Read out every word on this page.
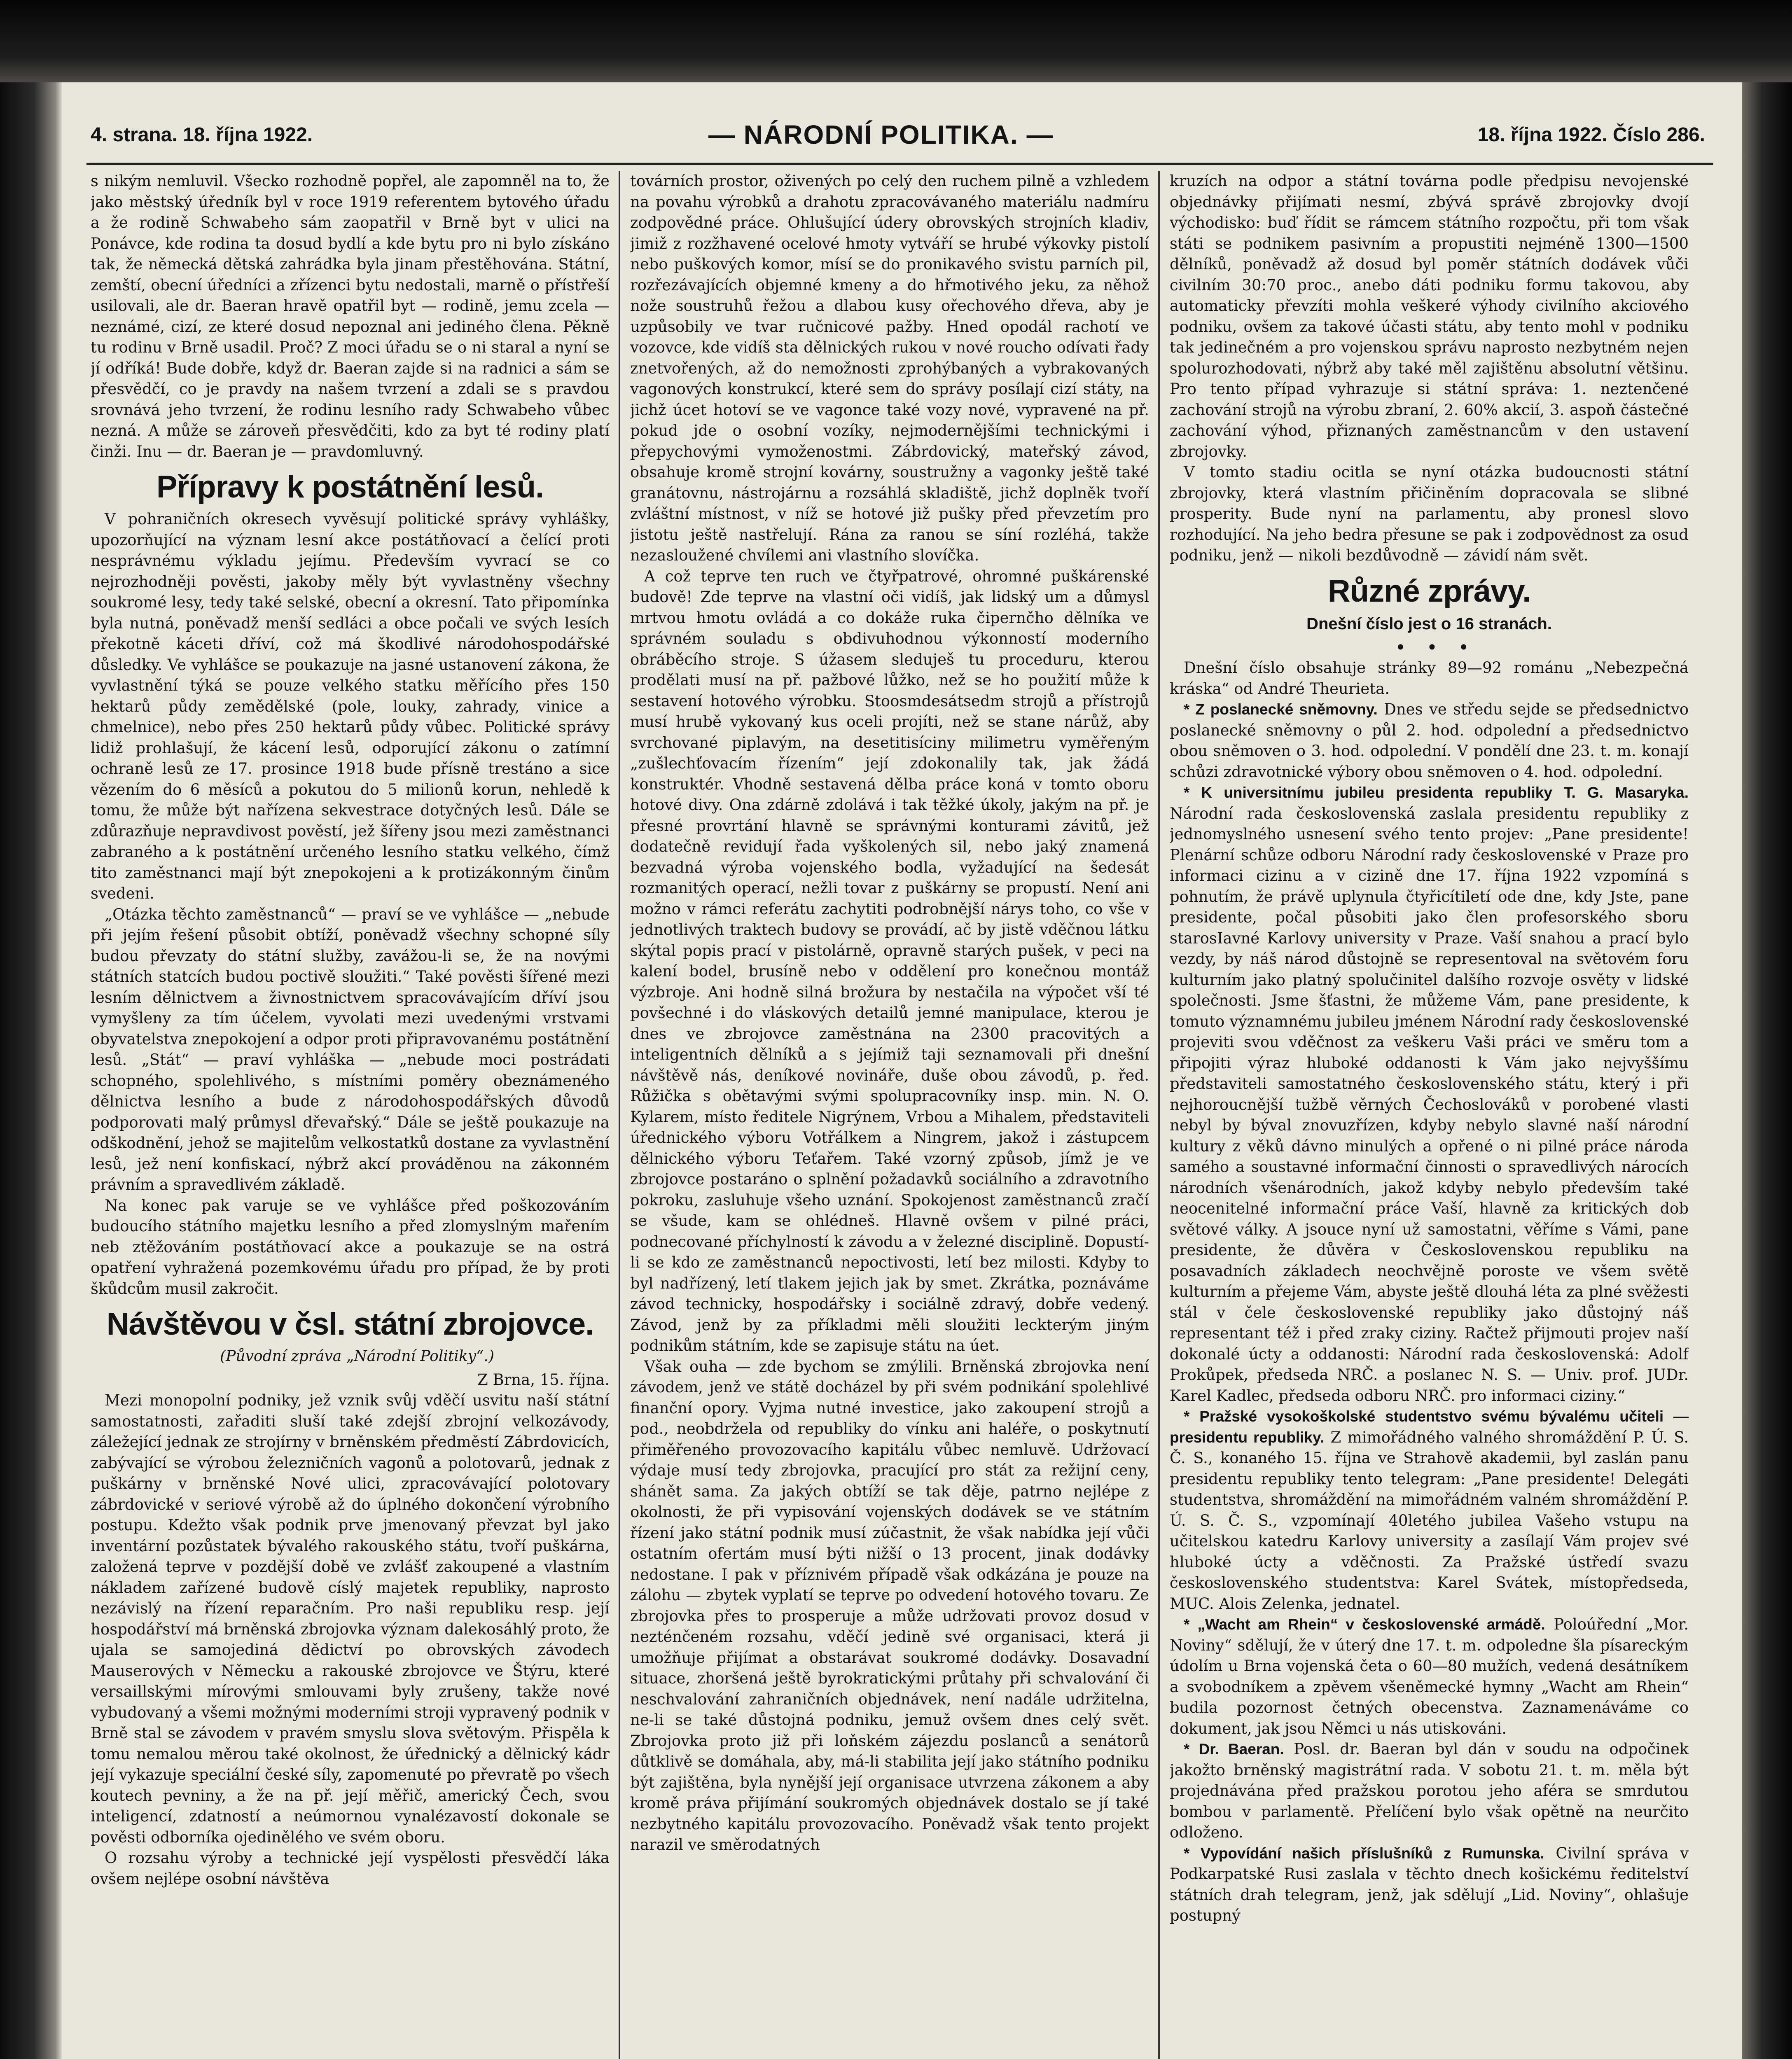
4. strana. 18. října 1922.	— NÁRODNÍ POLITIKA. —	18. října 1922. Číslo 286.

s nikým nemluvil. Všecko rozhodně popřel, ale zapomněl na to, že jako městský úředník byl v roce 1919 referentem bytového úřadu a že rodině Schwabeho sám zaopatřil v Brně byt v ulici na Ponávce, kde rodina ta dosud bydlí a kde bytu pro ni bylo získáno tak, že německá dětská zahrádka byla jinam přestěhována. Státní, zemští, obecní úředníci a zřízenci bytu nedostali, marně o přístřeší usilovali, ale dr. Baeran hravě opatřil byt — rodině, jemu zcela — neznámé, cizí, ze které dosud nepoznal ani jediného člena. Pěkně tu rodinu v Brně usadil. Proč? Z moci úřadu se o ni staral a nyní se jí odříká! Bude dobře, když dr. Baeran zajde si na radnici a sám se přesvědčí, co je pravdy na našem tvrzení a zdali se s pravdou srovnává jeho tvrzení, že rodinu lesního rady Schwabeho vůbec nezná. A může se zároveň přesvědčiti, kdo za byt té rodiny platí činži. Inu — dr. Baeran je — pravdomluvný.

Přípravy k postátnění lesů.

V pohraničních okresech vyvěsují politické správy vyhlášky, upozorňující na význam lesní akce postátňovací a čelící proti nesprávnému výkladu jejímu. Především vyvrací se co nejrozhodněji pověsti, jakoby měly být vyvlastněny všechny soukromé lesy, tedy také selské, obecní a okresní. Tato připomínka byla nutná, poněvadž menší sedláci a obce počali ve svých lesích překotně káceti dříví, což má škodlivé národohospodářské důsledky. Ve vyhlášce se poukazuje na jasné ustanovení zákona, že vyvlastnění týká se pouze velkého statku měřícího přes 150 hektarů půdy zemědělské (pole, louky, zahrady, vinice a chmelnice), nebo přes 250 hektarů půdy vůbec. Politické správy lidiž prohlašují, že kácení lesů, odporující zákonu o zatímní ochraně lesů ze 17. prosince 1918 bude přísně trestáno a sice vězením do 6 měsíců a pokutou do 5 milionů korun, nehledě k tomu, že může být nařízena sekvestrace dotyčných lesů. Dále se zdůrazňuje nepravdivost pověstí, jež šířeny jsou mezi zaměstnanci zabraného a k postátnění určeného lesního statku velkého, čímž tito zaměstnanci mají být znepokojeni a k protizákonným činům svedeni.

„Otázka těchto zaměstnanců“ — praví se ve vyhlášce — „nebude při jejím řešení působit obtíží, poněvadž všechny schopné síly budou převzaty do státní služby, zavážou-li se, že na novými státních statcích budou poctivě sloužiti.“ Také pověsti šířené mezi lesním dělnictvem a živnostnictvem spracovávajícím dříví jsou vymyšleny za tím účelem, vyvolati mezi uvedenými vrstvami obyvatelstva znepokojení a odpor proti připravovanému postátnění lesů. „Stát“ — praví vyhláška — „nebude moci postrádati schopného, spolehlivého, s místními poměry obeznámeného dělnictva lesního a bude z národohospodářských důvodů podporovati malý průmysl dřevařský.“ Dále se ještě poukazuje na odškodnění, jehož se majitelům velkostatků dostane za vyvlastnění lesů, jež není konfiskací, nýbrž akcí prováděnou na zákonném právním a spravedlivém základě.

Na konec pak varuje se ve vyhlášce před poškozováním budoucího státního majetku lesního a před zlomyslným mařením neb ztěžováním postátňovací akce a poukazuje se na ostrá opatření vyhražená pozemkovému úřadu pro případ, že by proti škůdcům musil zakročit.

Návštěvou v čsl. státní zbrojovce.

(Původní zpráva „Národní Politiky“.)

Z Brna, 15. října.

Mezi monopolní podniky, jež vznik svůj vděčí usvitu naší státní samostatnosti, zařaditi sluší také zdejší zbrojní velkozávody, záležející jednak ze strojírny v brněnském předměstí Zábrdovicích, zabývající se výrobou železničních vagonů a polotovarů, jednak z puškárny v brněnské Nové ulici, zpracovávající polotovary zábrdovické v seriové výrobě až do úplného dokončení výrobního postupu. Kdežto však podnik prve jmenovaný převzat byl jako inventární pozůstatek bývalého rakouského státu, tvoří puškárna, založená teprve v pozdější době ve zvlášť zakoupené a vlastním nákladem zařízené budově císlý majetek republiky, naprosto nezávislý na řízení reparačním. Pro naši republiku resp. její hospodářství má brněnská zbrojovka význam dalekosáhlý proto, že ujala se samojediná dědictví po obrovských závodech Mauserových v Německu a rakouské zbrojovce ve Štýru, které versaillskými mírovými smlouvami byly zrušeny, takže nové vybudovaný a všemi možnými moderními stroji vypravený podnik v Brně stal se závodem v pravém smyslu slova světovým. Přispěla k tomu nemalou měrou také okolnost, že úřednický a dělnický kádr její vykazuje speciální české síly, zapomenuté po převratě po všech koutech pevniny, a že na př. její měřič, americký Čech, svou inteligencí, zdatností a neúmornou vynalézavostí dokonale se pověsti odborníka ojedinělého ve svém oboru.

O rozsahu výroby a technické její vyspělosti přesvědčí láka ovšem nejlépe osobní návštěva

továrních prostor, oživených po celý den ruchem pilně a vzhledem na povahu výrobků a drahotu zpracovávaného materiálu nadmíru zodpovědné práce. Ohlušující údery obrovských strojních kladiv, jimiž z rozžhavené ocelové hmoty vytváří se hrubé výkovky pistolí nebo puškových komor, mísí se do pronikavého svistu parních pil, rozřezávajících objemné kmeny a do hřmotivého jeku, za něhož nože soustruhů řežou a dlabou kusy ořechového dřeva, aby je uzpůsobily ve tvar ručnicové pažby. Hned opodál rachotí ve vozovce, kde vidíš sta dělnických rukou v nové roucho odívati řady znetvořených, až do nemožnosti zprohýbaných a vybrakovaných vagonových konstrukcí, které sem do správy posílají cizí státy, na jichž úcet hotoví se ve vagonce také vozy nové, vypravené na př. pokud jde o osobní vozíky, nejmodernějšími technickými i přepychovými vymoženostmi. Zábrdovický, mateřský závod, obsahuje kromě strojní kovárny, soustružny a vagonky ještě také granátovnu, nástrojárnu a rozsáhlá skladiště, jichž doplněk tvoří zvláštní místnost, v níž se hotové již pušky před převzetím pro jistotu ještě nastřelují. Rána za ranou se síní rozléhá, takže nezasloužené chvílemi ani vlastního slovíčka.

A což teprve ten ruch ve čtyřpatrové, ohromné puškárenské budově! Zde teprve na vlastní oči vidíš, jak lidský um a důmysl mrtvou hmotu ovládá a co dokáže ruka čipernčho dělníka ve správném souladu s obdivuhodnou výkonností moderního obráběcího stroje. S úžasem sleduješ tu proceduru, kterou prodělati musí na př. pažbové lůžko, než se ho použití může k sestavení hotového výrobku. Stoosmdesátsedm strojů a přístrojů musí hrubě vykovaný kus oceli projíti, než se stane nárůž, aby svrchované piplavým, na desetitisíciny milimetru vyměřeným „zušlechťovacím řízením“ její zdokonalily tak, jak žádá konstruktér. Vhodně sestavená dělba práce koná v tomto oboru hotové divy. Ona zdárně zdolává i tak těžké úkoly, jakým na př. je přesné provrtání hlavně se správnými konturami závitů, jež dodatečně revidují řada vyškolených sil, nebo jaký znamená bezvadná výroba vojenského bodla, vyžadující na šedesát rozmanitých operací, nežli tovar z puškárny se propustí. Není ani možno v rámci referátu zachytiti podrobnější nárys toho, co vše v jednotlivých traktech budovy se provádí, ač by jistě vděčnou látku skýtal popis prací v pistolárně, opravně starých pušek, v peci na kalení bodel, brusíně nebo v oddělení pro konečnou montáž výzbroje. Ani hodně silná brožura by nestačila na výpočet vší té povšechné i do vláskových detailů jemné manipulace, kterou je dnes ve zbrojovce zaměstnána na 2300 pracovitých a inteligentních dělníků a s jejímiž taji seznamovali při dnešní návštěvě nás, deníkové novináře, duše obou závodů, p. řed. Růžička s obětavými svými spolupracovníky insp. min. N. O. Kylarem, místo ředitele Nigrýnem, Vrbou a Mihalem, představiteli úřednického výboru Votřálkem a Ningrem, jakož i zástupcem dělnického výboru Teťařem. Také vzorný způsob, jímž je ve zbrojovce postaráno o splnění požadavků sociálního a zdravotního pokroku, zasluhuje všeho uznání. Spokojenost zaměstnanců zračí se všude, kam se ohlédneš. Hlavně ovšem v pilné práci, podnecované příchylností k závodu a v železné disciplině. Dopustí-li se kdo ze zaměstnanců nepoctivosti, letí bez milosti. Kdyby to byl nadřízený, letí tlakem jejich jak by smet. Zkrátka, poznáváme závod technicky, hospodářsky i sociálně zdravý, dobře vedený. Závod, jenž by za příkladmi měli sloužiti leckterým jiným podnikům státním, kde se zapisuje státu na úet.

Však ouha — zde bychom se zmýlili. Brněnská zbrojovka není závodem, jenž ve státě docházel by při svém podnikání spolehlivé finanční opory. Vyjma nutné investice, jako zakoupení strojů a pod., neobdržela od republiky do vínku ani haléře, o poskytnutí přiměřeného provozovacího kapitálu vůbec nemluvě. Udržovací výdaje musí tedy zbrojovka, pracující pro stát za režijní ceny, shánět sama. Za jakých obtíží se tak děje, patrno nejlépe z okolnosti, že při vypisování vojenských dodávek se ve státním řízení jako státní podnik musí zúčastnit, že však nabídka její vůči ostatním ofertám musí býti nižší o 13 procent, jinak dodávky nedostane. I pak v příznivém případě však odkázána je pouze na zálohu — zbytek vyplatí se teprve po odvedení hotového tovaru. Ze zbrojovka přes to prosperuje a může udržovati provoz dosud v nezténčeném rozsahu, vděčí jedině své organisaci, která ji umožňuje přijímat a obstarávat soukromé dodávky. Dosavadní situace, zhoršená ještě byrokratickými průtahy při schvalování či neschvalování zahraničních objednávek, není nadále udržitelna, ne-li se také důstojná podniku, jemuž ovšem dnes celý svět. Zbrojovka proto již při loňském zájezdu poslanců a senátorů důtklivě se domáhala, aby, má-li stabilita její jako státního podniku být zajištěna, byla nynější její organisace utvrzena zákonem a aby kromě práva přijímání soukromých objednávek dostalo se jí také nezbytného kapitálu provozovacího. Poněvadž však tento projekt narazil ve směrodatných

kruzích na odpor a státní továrna podle předpisu nevojenské objednávky přijímati nesmí, zbývá správě zbrojovky dvojí východisko: buď řídit se rámcem státního rozpočtu, při tom však státi se podnikem pasivním a propustiti nejméně 1300—1500 dělníků, poněvadž až dosud byl poměr státních dodávek vůči civilním 30:70 proc., anebo dáti podniku formu takovou, aby automaticky převzíti mohla veškeré výhody civilního akciového podniku, ovšem za takové účasti státu, aby tento mohl v podniku tak jedinečném a pro vojenskou správu naprosto nezbytném nejen spolurozhodovati, nýbrž aby také měl zajištěnu absolutní většinu. Pro tento případ vyhrazuje si státní správa: 1. neztenčené zachování strojů na výrobu zbraní, 2. 60% akcií, 3. aspoň částečné zachování výhod, přiznaných zaměstnancům v den ustavení zbrojovky.

V tomto stadiu ocitla se nyní otázka budoucnosti státní zbrojovky, která vlastním přičiněním dopracovala se slibné prosperity. Bude nyní na parlamentu, aby pronesl slovo rozhodující. Na jeho bedra přesune se pak i zodpovědnost za osud podniku, jenž — nikoli bezdůvodně — závidí nám svět.

Různé zprávy.
Dnešní číslo jest o 16 stranách.

• • •

Dnešní číslo obsahuje stránky 89—92 románu „Nebezpečná kráska“ od André Theurieta.

* Z poslanecké sněmovny. Dnes ve středu sejde se předsednictvo poslanecké sněmovny o půl 2. hod. odpolední a předsednictvo obou sněmoven o 3. hod. odpolední. V pondělí dne 23. t. m. konají schůzi zdravotnické výbory obou sněmoven o 4. hod. odpolední.

* K universitnímu jubileu presidenta republiky T. G. Masaryka. Národní rada československá zaslala presidentu republiky z jednomyslného usnesení svého tento projev: „Pane presidente! Plenární schůze odboru Národní rady československé v Praze pro informaci cizinu a v cizině dne 17. října 1922 vzpomíná s pohnutím, že právě uplynula čtyřicítiletí ode dne, kdy Jste, pane presidente, počal působiti jako člen profesorského sboru starosIavné Karlovy university v Praze. Vaší snahou a prací bylo vezdy, by náš národ důstojně se representoval na světovém foru kulturním jako platný spolučinitel dalšího rozvoje osvěty v lidské společnosti. Jsme šťastni, že můžeme Vám, pane presidente, k tomuto významnému jubileu jménem Národní rady československé projeviti svou vděčnost za veškeru Vaši práci ve směru tom a připojiti výraz hluboké oddanosti k Vám jako nejvyššímu představiteli samostatného československého státu, který i při nejhoroucnější tužbě věrných Čechoslováků v porobené vlasti nebyl by býval znovuzřízen, kdyby nebylo slavné naší národní kultury z věků dávno minulých a opřené o ni pilné práce národa samého a soustavné informační činnosti o spravedlivých nárocích národních všenárodních, jakož kdyby nebylo především také neocenitelné informační práce Vaší, hlavně za kritických dob světové války. A jsouce nyní už samostatni, věříme s Vámi, pane presidente, že důvěra v Československou republiku na posavadních základech neochvějně poroste ve všem světě kulturním a přejeme Vám, abyste ještě dlouhá léta za plné svěžesti stál v čele československé republiky jako důstojný náš representant též i před zraky ciziny. Račtež přijmouti projev naší dokonalé úcty a oddanosti: Národní rada československá: Adolf Prokůpek, předseda NRČ. a poslanec N. S. — Univ. prof. JUDr. Karel Kadlec, předseda odboru NRČ. pro informaci ciziny.“

* Pražské vysokoškolské studentstvo svému bývalému učiteli — presidentu republiky. Z mimořádného valného shromáždění P. Ú. S. Č. S., konaného 15. října ve Strahově akademii, byl zaslán panu presidentu republiky tento telegram: „Pane presidente! Delegáti studentstva, shromáždění na mimořádném valném shromáždění P. Ú. S. Č. S., vzpomínají 40letého jubilea Vašeho vstupu na učitelskou katedru Karlovy university a zasílají Vám projev své hluboké úcty a vděčnosti. Za Pražské ústředí svazu československého studentstva: Karel Svátek, místopředseda, MUC. Alois Zelenka, jednatel.

* „Wacht am Rhein“ v československé armádě. Poloúřední „Mor. Noviny“ sdělují, že v úterý dne 17. t. m. odpoledne šla písareckým údolím u Brna vojenská četa o 60—80 mužích, vedená desátníkem a svobodníkem a zpěvem všeněmecké hymny „Wacht am Rhein“ budila pozornost četných obecenstva. Zaznamenáváme co dokument, jak jsou Němci u nás utiskováni.

* Dr. Baeran. Posl. dr. Baeran byl dán v soudu na odpočinek jakožto brněnský magistrátní rada. V sobotu 21. t. m. měla být projednávána před pražskou porotou jeho aféra se smrdutou bombou v parlamentě. Přelíčení bylo však opětně na neurčito odloženo.

* Vypovídání našich příslušníků z Rumunska. Civilní správa v Podkarpatské Rusi zaslala v těchto dnech košickému ředitelství státních drah telegram, jenž, jak sdělují „Lid. Noviny“, ohlašuje postupný
